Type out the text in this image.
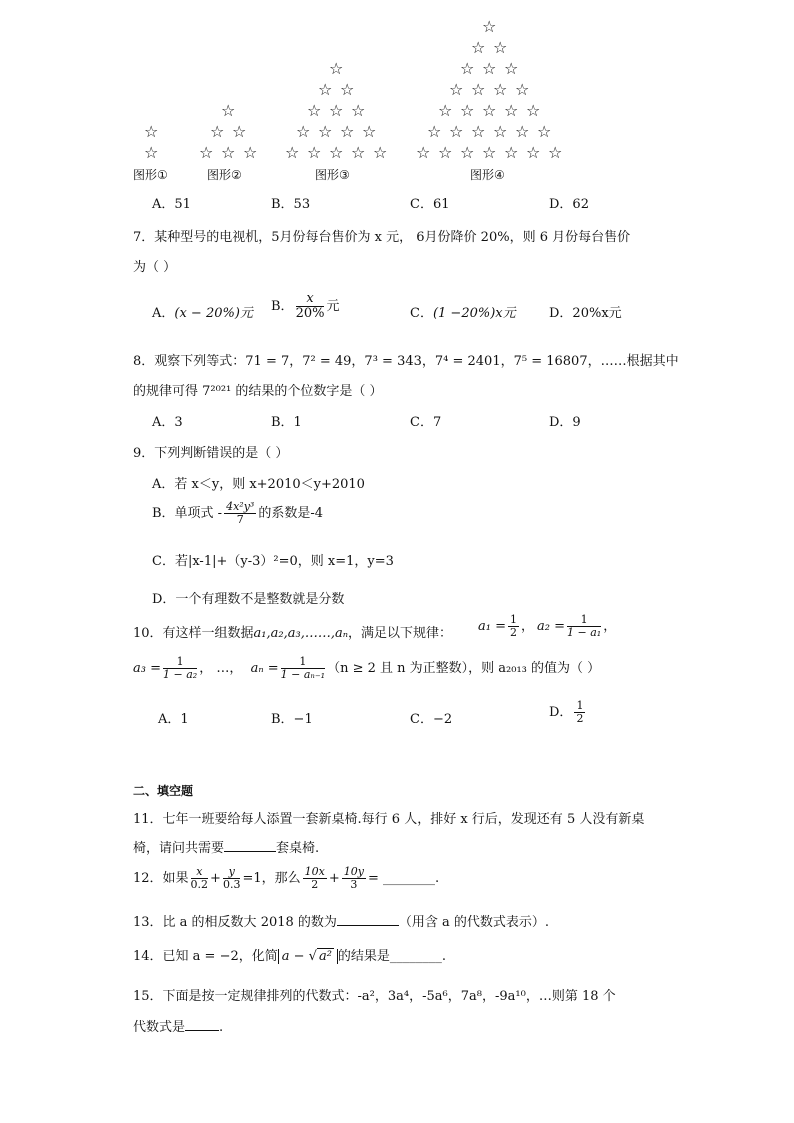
☆
☆
☆
☆ ☆
☆ ☆ ☆
☆
☆ ☆
☆ ☆ ☆
☆ ☆ ☆ ☆
☆ ☆ ☆ ☆ ☆
☆
☆ ☆
☆ ☆ ☆
☆ ☆ ☆ ☆
☆ ☆ ☆ ☆ ☆
☆ ☆ ☆ ☆ ☆ ☆
☆ ☆ ☆ ☆ ☆ ☆ ☆
图形①	图形②	图形③	图形④
A．51	B．53	C．61	D．62
7．某种型号的电视机，5月份每台售价为 x 元， 6月份降价 20%，则 6 月份每台售价
为（ ）
A．(x − 20%)元 B． $\frac{x}{20\%}$ 元	C．(1 −20%)x元	D．20%x元
8．观察下列等式：71 = 7，7² = 49，7³ = 343，7⁴ = 2401，7⁵ = 16807，……根据其中
的规律可得 7²⁰²¹ 的结果的个位数字是（ ）
A．3	B．1	C．7	D．9
9．下列判断错误的是（ ）
A．若 x＜y，则 x+2010＜y+2010
B．单项式 - $\frac{\text{4x²y³}}{7}$ 的系数是-4
C．若|x-1|+（y-3）²=0，则 x=1，y=3
D．一个有理数不是整数就是分数
10．有这样一组数据a₁,a₂,a₃,……,aₙ，满足以下规律： $a_1 = \frac{1}{2}$ ， $a_2 = \frac{1}{\text{1 − a₁}}$ ，
$a_3 = \frac{1}{\text{1 − a₂}}$ ， …， $a_n = \frac{1}{\text{1 − aₙ₋₁}} (n \ge 2$ 且 n 为正整数），则 a₂₀₁₃ 的值为（ ）
A．1	B．−1	C．−2	D． $\frac{1}{2}$
二、填空题
11．七年一班要给每人添置一套新桌椅.每行 6 人，排好 x 行后，发现还有 5 人没有新桌
椅，请问共需要	套桌椅.
12．如果 $\frac{x}{0.2} + \frac{y}{0.3} =1$，那么 $\frac{10x}{2} + \frac{10y}{3}$ = ________.
13．比 a 的相反数大 2018 的数为	（用含 a 的代数式表示）.
14．已知 a = −2，化简 a − √ a² 的结果是________.
15．下面是按一定规律排列的代数式：-a²，3a⁴，-5a⁶，7a⁸，-9a¹⁰，…则第 18 个
代数式是	.
